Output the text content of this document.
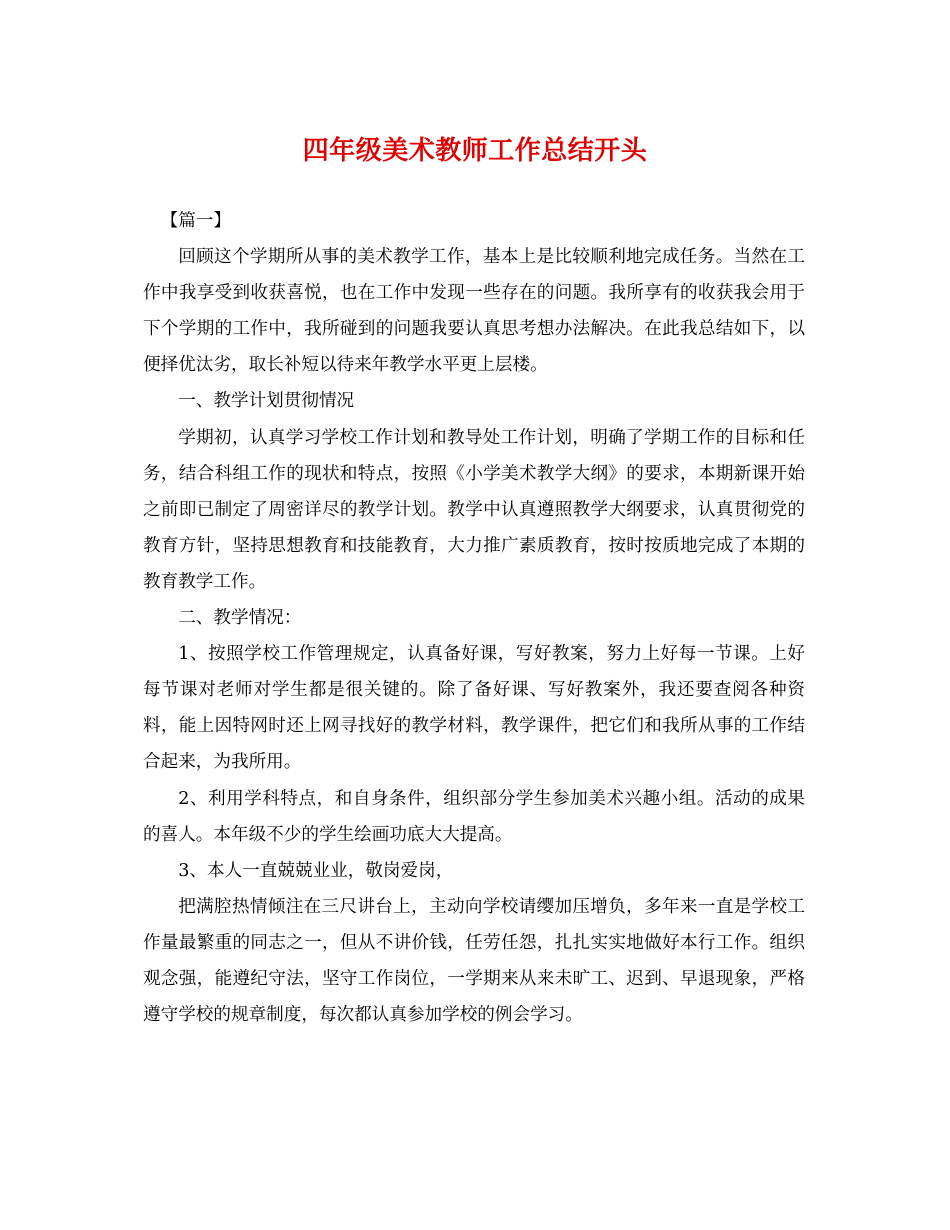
四年级美术教师工作总结开头

【篇一】

回顾这个学期所从事的美术教学工作，基本上是比较顺利地完成任务。当然在工作中我享受到收获喜悦，也在工作中发现一些存在的问题。我所享有的收获我会用于下个学期的工作中，我所碰到的问题我要认真思考想办法解决。在此我总结如下，以便择优汰劣，取长补短以待来年教学水平更上层楼。

一、教学计划贯彻情况

学期初，认真学习学校工作计划和教导处工作计划，明确了学期工作的目标和任务，结合科组工作的现状和特点，按照《小学美术教学大纲》的要求，本期新课开始之前即已制定了周密详尽的教学计划。教学中认真遵照教学大纲要求，认真贯彻党的教育方针，坚持思想教育和技能教育，大力推广素质教育，按时按质地完成了本期的教育教学工作。

二、教学情况：

1、按照学校工作管理规定，认真备好课，写好教案，努力上好每一节课。上好每节课对老师对学生都是很关键的。除了备好课、写好教案外，我还要查阅各种资料，能上因特网时还上网寻找好的教学材料，教学课件，把它们和我所从事的工作结合起来，为我所用。

2、利用学科特点，和自身条件，组织部分学生参加美术兴趣小组。活动的成果的喜人。本年级不少的学生绘画功底大大提高。

3、本人一直兢兢业业，敬岗爱岗，

把满腔热情倾注在三尺讲台上，主动向学校请缨加压增负，多年来一直是学校工作量最繁重的同志之一，但从不讲价钱，任劳任怨，扎扎实实地做好本行工作。组织观念强，能遵纪守法，坚守工作岗位，一学期来从来未旷工、迟到、早退现象，严格遵守学校的规章制度，每次都认真参加学校的例会学习。
